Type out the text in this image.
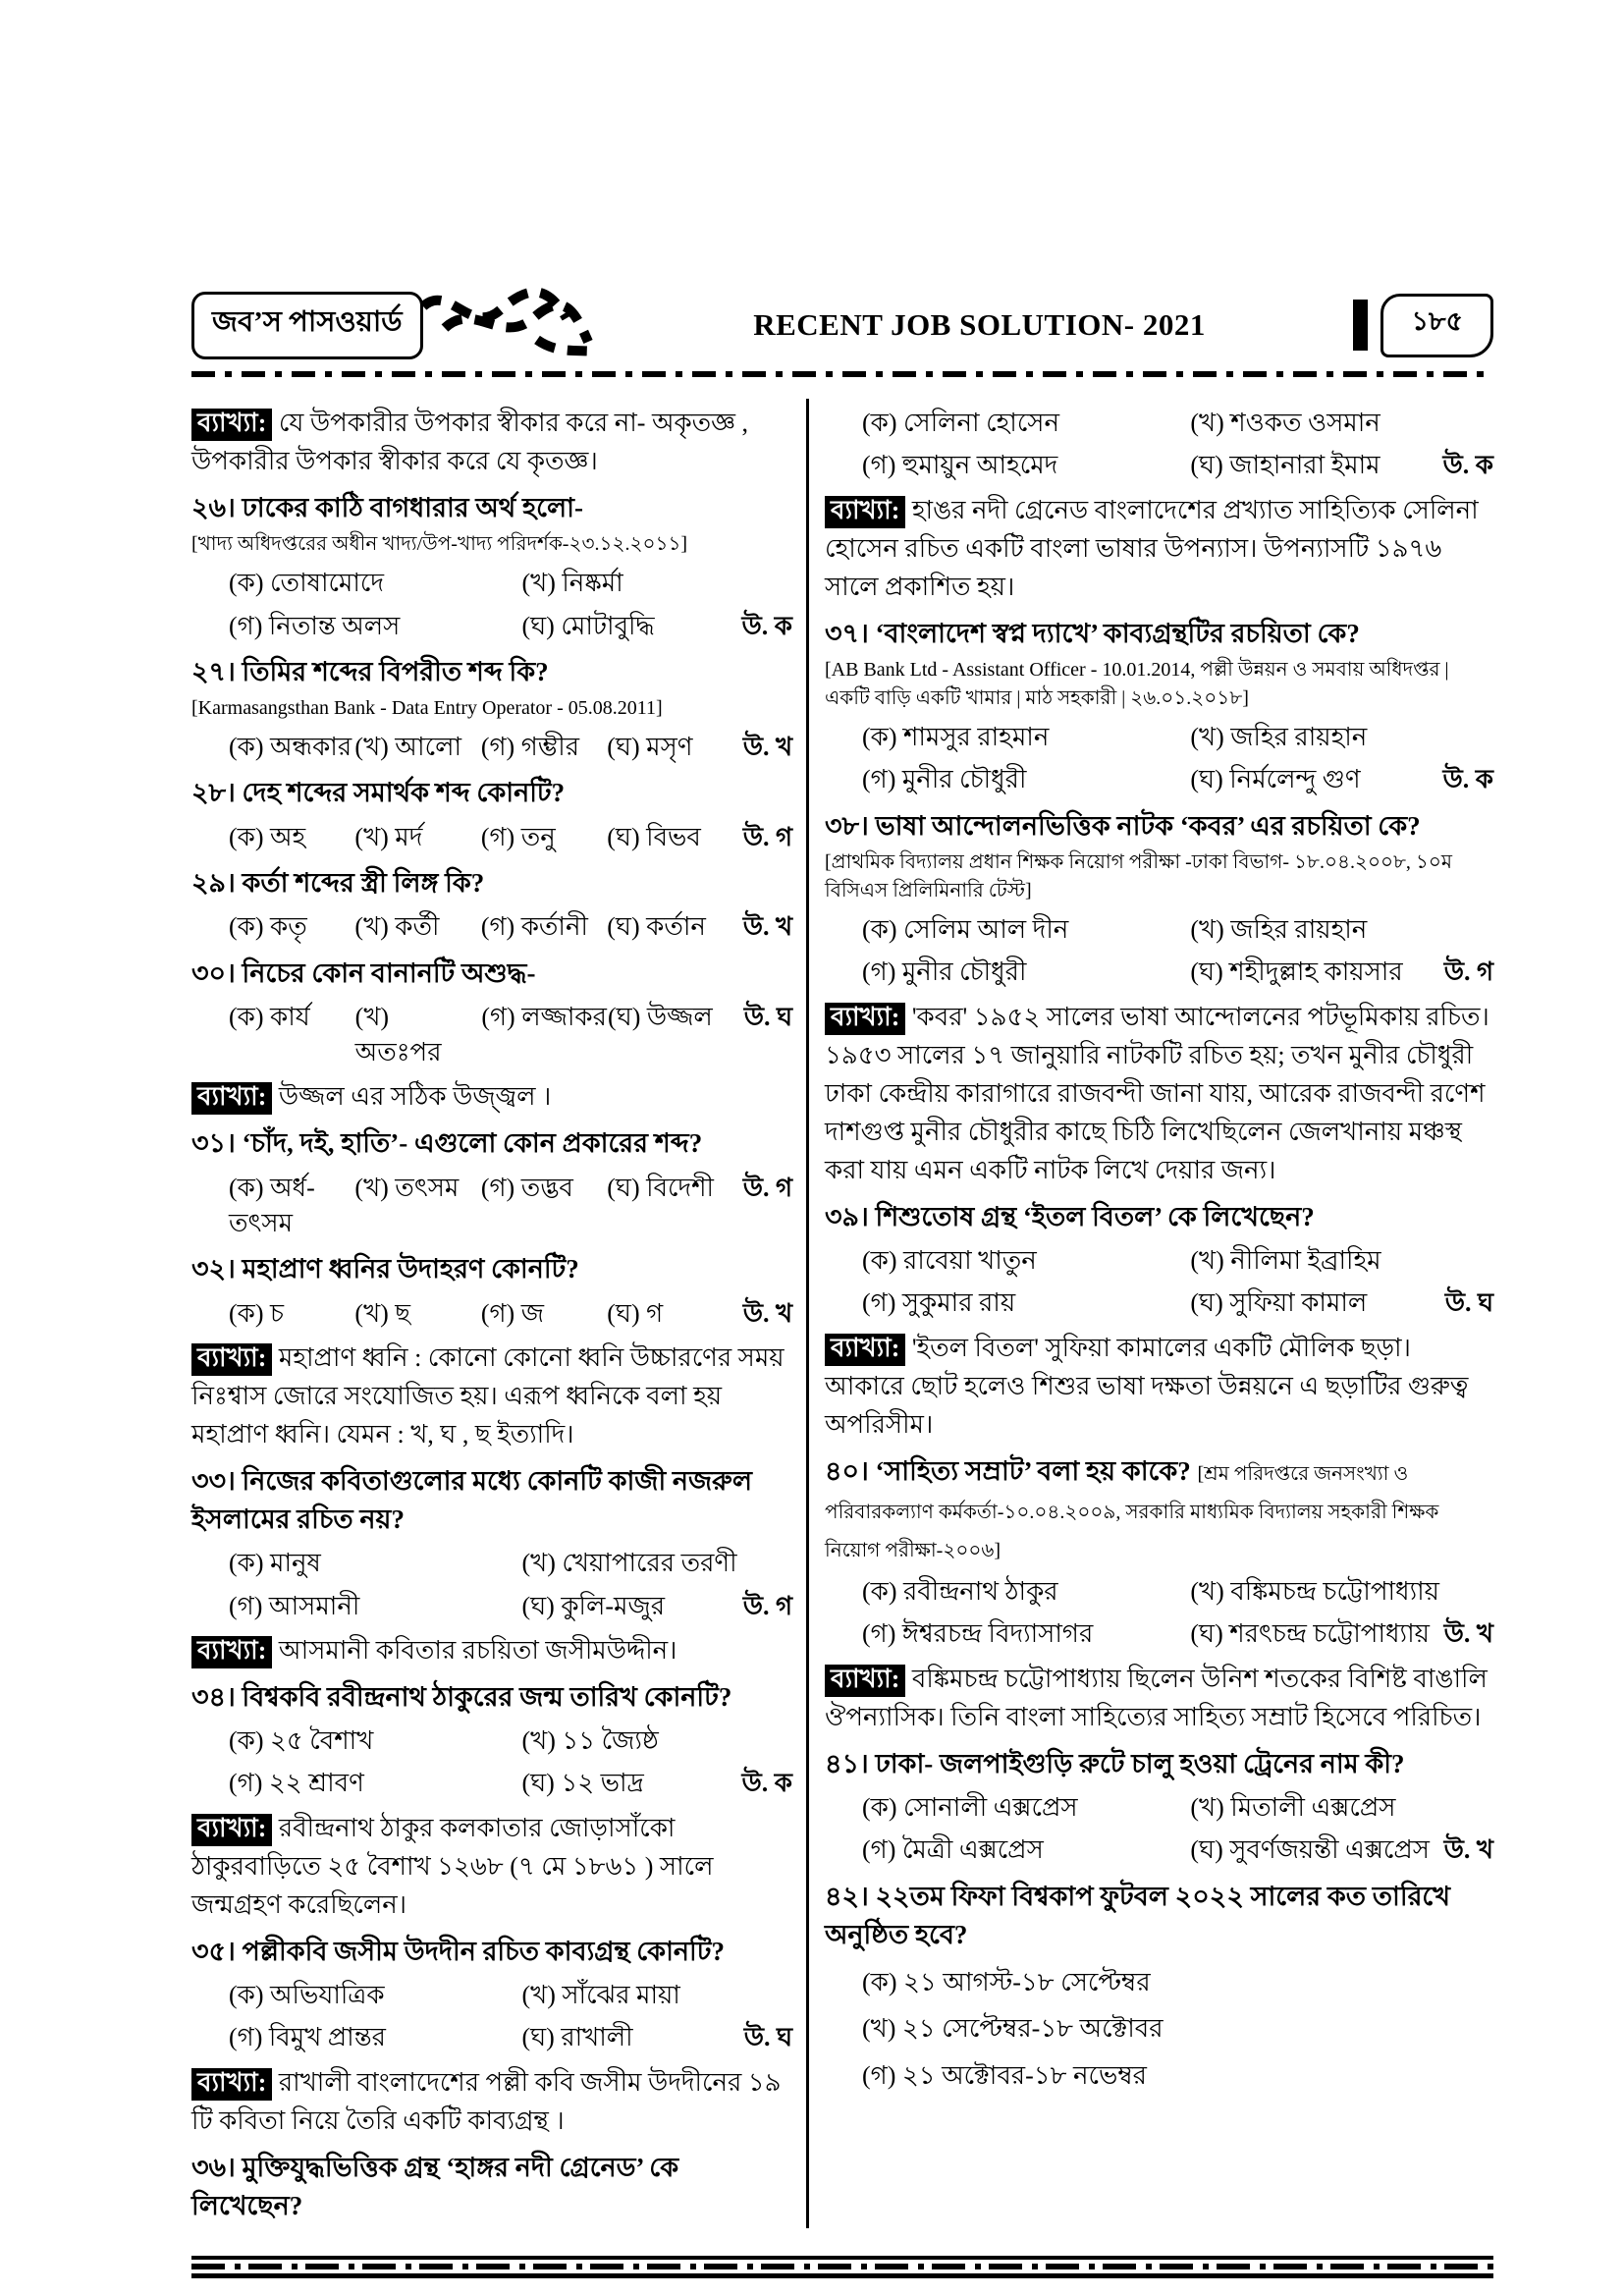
জব’স পাসওয়ার্ড	RECENT JOB SOLUTION- 2021	১৮৫

ব্যাখ্যা: যে উপকারীর উপকার স্বীকার করে না- অকৃতজ্ঞ , উপকারীর উপকার স্বীকার করে যে কৃতজ্ঞ।

২৬। ঢাকের কাঠি বাগধারার অর্থ হলো-

[খাদ্য অধিদপ্তরের অধীন খাদ্য/উপ-খাদ্য পরিদর্শক-২৩.১২.২০১১]

(ক) তোষামোদে	(খ) নিষ্কর্মা
(গ) নিতান্ত অলস	(ঘ) মোটাবুদ্ধি	উ. ক

২৭। তিমির শব্দের বিপরীত শব্দ কি?

[Karmasangsthan Bank - Data Entry Operator - 05.08.2011]

(ক) অন্ধকার (খ) আলো (গ) গম্ভীর	(ঘ) মসৃণ	উ. খ

২৮। দেহ শব্দের সমার্থক শব্দ কোনটি?

(ক) অহ	(খ) মর্দ	(গ) তনু	(ঘ) বিভব	উ. গ

২৯। কর্তা শব্দের স্ত্রী লিঙ্গ কি?

(ক) কতৃ	(খ) কর্তী	(গ) কর্তানী (ঘ) কর্তান	উ. খ

৩০। নিচের কোন বানানটি অশুদ্ধ-

(ক) কার্য	(খ) অতঃপর
(গ) লজ্জাকর (ঘ) উজ্জল	উ. ঘ

ব্যাখ্যা: উজ্জল এর সঠিক উজ্জ্বল ।

৩১। ‘চাঁদ, দই, হাতি’- এগুলো কোন প্রকারের শব্দ?

(ক) অর্ধ-তৎসম
(খ) তৎসম (গ) তদ্ভব	(ঘ) বিদেশী	উ. গ

৩২। মহাপ্রাণ ধ্বনির উদাহরণ কোনটি?

(ক) চ	(খ) ছ	(গ) জ	(ঘ) গ	উ. খ

ব্যাখ্যা: মহাপ্রাণ ধ্বনি : কোনো কোনো ধ্বনি উচ্চারণের সময় নিঃশ্বাস জোরে সংযোজিত হয়। এরূপ ধ্বনিকে বলা হয় মহাপ্রাণ ধ্বনি। যেমন : খ, ঘ , ছ ইত্যাদি।

৩৩। নিজের কবিতাগুলোর মধ্যে কোনটি কাজী নজরুল ইসলামের রচিত নয়?

(ক) মানুষ	(খ) খেয়াপারের তরণী
(গ) আসমানী	(ঘ) কুলি-মজুর	উ. গ

ব্যাখ্যা: আসমানী কবিতার রচয়িতা জসীমউদ্দীন।

৩৪। বিশ্বকবি রবীন্দ্রনাথ ঠাকুরের জন্ম তারিখ কোনটি?

(ক) ২৫ বৈশাখ	(খ) ১১ জ্যৈষ্ঠ
(গ) ২২ শ্রাবণ	(ঘ) ১২ ভাদ্র	উ. ক

ব্যাখ্যা: রবীন্দ্রনাথ ঠাকুর কলকাতার জোড়াসাঁকো ঠাকুরবাড়িতে ২৫ বৈশাখ ১২৬৮ (৭ মে ১৮৬১ ) সালে জন্মগ্রহণ করেছিলেন।

৩৫। পল্লীকবি জসীম উদদীন রচিত কাব্যগ্রন্থ কোনটি?

(ক) অভিযাত্রিক	(খ) সাঁঝের মায়া
(গ) বিমুখ প্রান্তর	(ঘ) রাখালী	উ. ঘ

ব্যাখ্যা: রাখালী বাংলাদেশের পল্লী কবি জসীম উদদীনের ১৯ টি কবিতা নিয়ে তৈরি একটি কাব্যগ্রন্থ ।

৩৬। মুক্তিযুদ্ধভিত্তিক গ্রন্থ ‘হাঙ্গর নদী গ্রেনেড’ কে লিখেছেন?

(ক) সেলিনা হোসেন	(খ) শওকত ওসমান
(গ) হুমায়ুন আহমেদ	(ঘ) জাহানারা ইমাম	উ. ক

ব্যাখ্যা: হাঙর নদী গ্রেনেড বাংলাদেশের প্রখ্যাত সাহিত্যিক সেলিনা হোসেন রচিত একটি বাংলা ভাষার উপন্যাস। উপন্যাসটি ১৯৭৬ সালে প্রকাশিত হয়।

৩৭। ‘বাংলাদেশ স্বপ্ন দ্যাখে’ কাব্যগ্রন্থটির রচয়িতা কে?

[AB Bank Ltd - Assistant Officer - 10.01.2014, পল্লী উন্নয়ন ও সমবায় অধিদপ্তর | একটি বাড়ি একটি খামার | মাঠ সহকারী | ২৬.০১.২০১৮]

(ক) শামসুর রাহমান	(খ) জহির রায়হান
(গ) মুনীর চৌধুরী	(ঘ) নির্মলেন্দু গুণ	উ. ক

৩৮। ভাষা আন্দোলনভিত্তিক নাটক ‘কবর’ এর রচয়িতা কে?

[প্রাথমিক বিদ্যালয় প্রধান শিক্ষক নিয়োগ পরীক্ষা -ঢাকা বিভাগ- ১৮.০৪.২০০৮, ১০ম বিসিএস প্রিলিমিনারি টেস্ট]

(ক) সেলিম আল দীন	(খ) জহির রায়হান
(গ) মুনীর চৌধুরী	(ঘ) শহীদুল্লাহ কায়সার	উ. গ

ব্যাখ্যা: 'কবর' ১৯৫২ সালের ভাষা আন্দোলনের পটভূমিকায় রচিত। ১৯৫৩ সালের ১৭ জানুয়ারি নাটকটি রচিত হয়; তখন মুনীর চৌধুরী ঢাকা কেন্দ্রীয় কারাগারে রাজবন্দী জানা যায়, আরেক রাজবন্দী রণেশ দাশগুপ্ত মুনীর চৌধুরীর কাছে চিঠি লিখেছিলেন জেলখানায় মঞ্চস্থ করা যায় এমন একটি নাটক লিখে দেয়ার জন্য।

৩৯। শিশুতোষ গ্রন্থ ‘ইতল বিতল’ কে লিখেছেন?

(ক) রাবেয়া খাতুন	(খ) নীলিমা ইব্রাহিম
(গ) সুকুমার রায়	(ঘ) সুফিয়া কামাল	উ. ঘ

ব্যাখ্যা: 'ইতল বিতল' সুফিয়া কামালের একটি মৌলিক ছড়া। আকারে ছোট হলেও শিশুর ভাষা দক্ষতা উন্নয়নে এ ছড়াটির গুরুত্ব অপরিসীম।

৪০। ‘সাহিত্য সম্রাট’ বলা হয় কাকে? [শ্রম পরিদপ্তরে জনসংখ্যা ও পরিবারকল্যাণ কর্মকর্তা-১০.০৪.২০০৯, সরকারি মাধ্যমিক বিদ্যালয় সহকারী শিক্ষক নিয়োগ পরীক্ষা-২০০৬]

(ক) রবীন্দ্রনাথ ঠাকুর	(খ) বঙ্কিমচন্দ্র চট্টোপাধ্যায়
(গ) ঈশ্বরচন্দ্র বিদ্যাসাগর	(ঘ) শরৎচন্দ্র চট্টোপাধ্যায় উ. খ

ব্যাখ্যা: বঙ্কিমচন্দ্র চট্টোপাধ্যায় ছিলেন উনিশ শতকের বিশিষ্ট বাঙালি ঔপন্যাসিক। তিনি বাংলা সাহিত্যের সাহিত্য সম্রাট হিসেবে পরিচিত।

৪১। ঢাকা- জলপাইগুড়ি রুটে চালু হওয়া ট্রেনের নাম কী?

(ক) সোনালী এক্সপ্রেস	(খ) মিতালী এক্সপ্রেস
(গ) মৈত্রী এক্সপ্রেস	(ঘ) সুবর্ণজয়ন্তী এক্সপ্রেস উ. খ

৪২। ২২তম ফিফা বিশ্বকাপ ফুটবল ২০২২ সালের কত তারিখে অনুষ্ঠিত হবে?

(ক) ২১ আগস্ট-১৮ সেপ্টেম্বর
(খ) ২১ সেপ্টেম্বর-১৮ অক্টোবর
(গ) ২১ অক্টোবর-১৮ নভেম্বর
